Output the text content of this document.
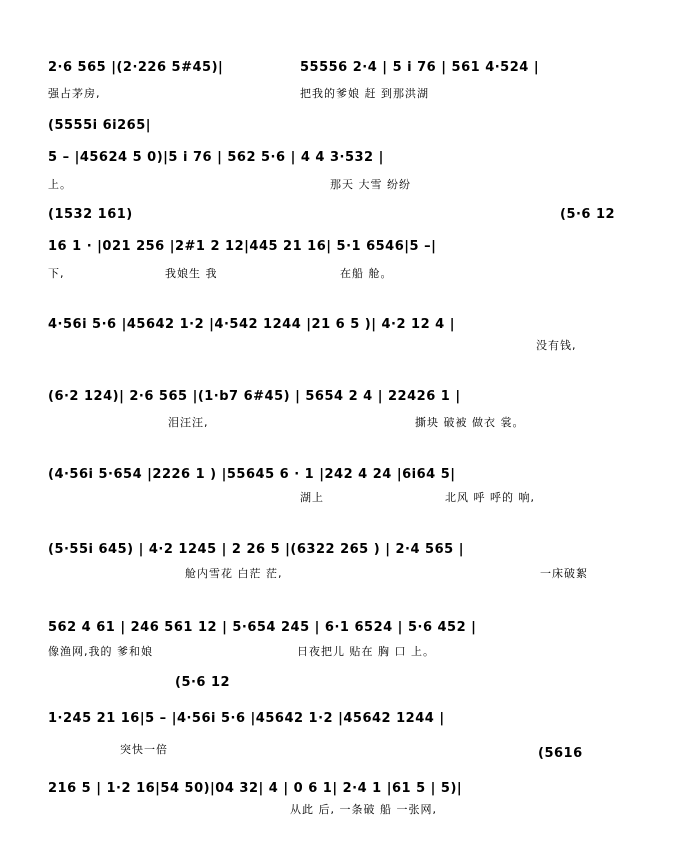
2·6 565 |(2·226 5#45)|	55556 2·4 | 5 i 76 | 561 4·524 |
强占茅房,	把我的爹娘 赶 到那洪湖
(5555i 6i265|
5 – |45624 5 0)|5 i 76 | 562 5·6 | 4 4 3·532 |
上。	那天 大雪 纷纷
(1532 161)	(5·6 12
16 1 · |021 256 |2#1 2 12|445 21 16| 5·1 6546|5 –|
下,	我娘生 我	在船 舱。
4·56i 5·6 |45642 1·2 |4·542 1244 |21 6 5 )| 4·2 12 4 |
没有钱,
(6·2 124)| 2·6 565 |(1·b7 6#45) | 5654 2 4 | 22426 1 |
泪汪汪,	撕块 破被 做衣 裳。
(4·56i 5·654 |2226 1 ) |55645 6 · 1 |242 4 24 |6i64 5|
湖上	北风 呼 呼的 响,
(5·55i 645) | 4·2 1245 | 2 26 5 |(6322 265 ) | 2·4 565 |
舱内雪花 白茫 茫,	一床破絮
562 4 61 | 246 561 12 | 5·654 245 | 6·1 6524 | 5·6 452 |
像渔网,我的 爹和娘	日夜把儿 贴在 胸 口 上。
(5·6 12
1·245 21 16|5 – |4·56i 5·6 |45642 1·2 |45642 1244 |
突快一倍	(5616
216 5 | 1·2 16|54 50)|04 32| 4 | 0 6 1| 2·4 1 |61 5 | 5)|
从此 后, 一条破 船 一张网,
